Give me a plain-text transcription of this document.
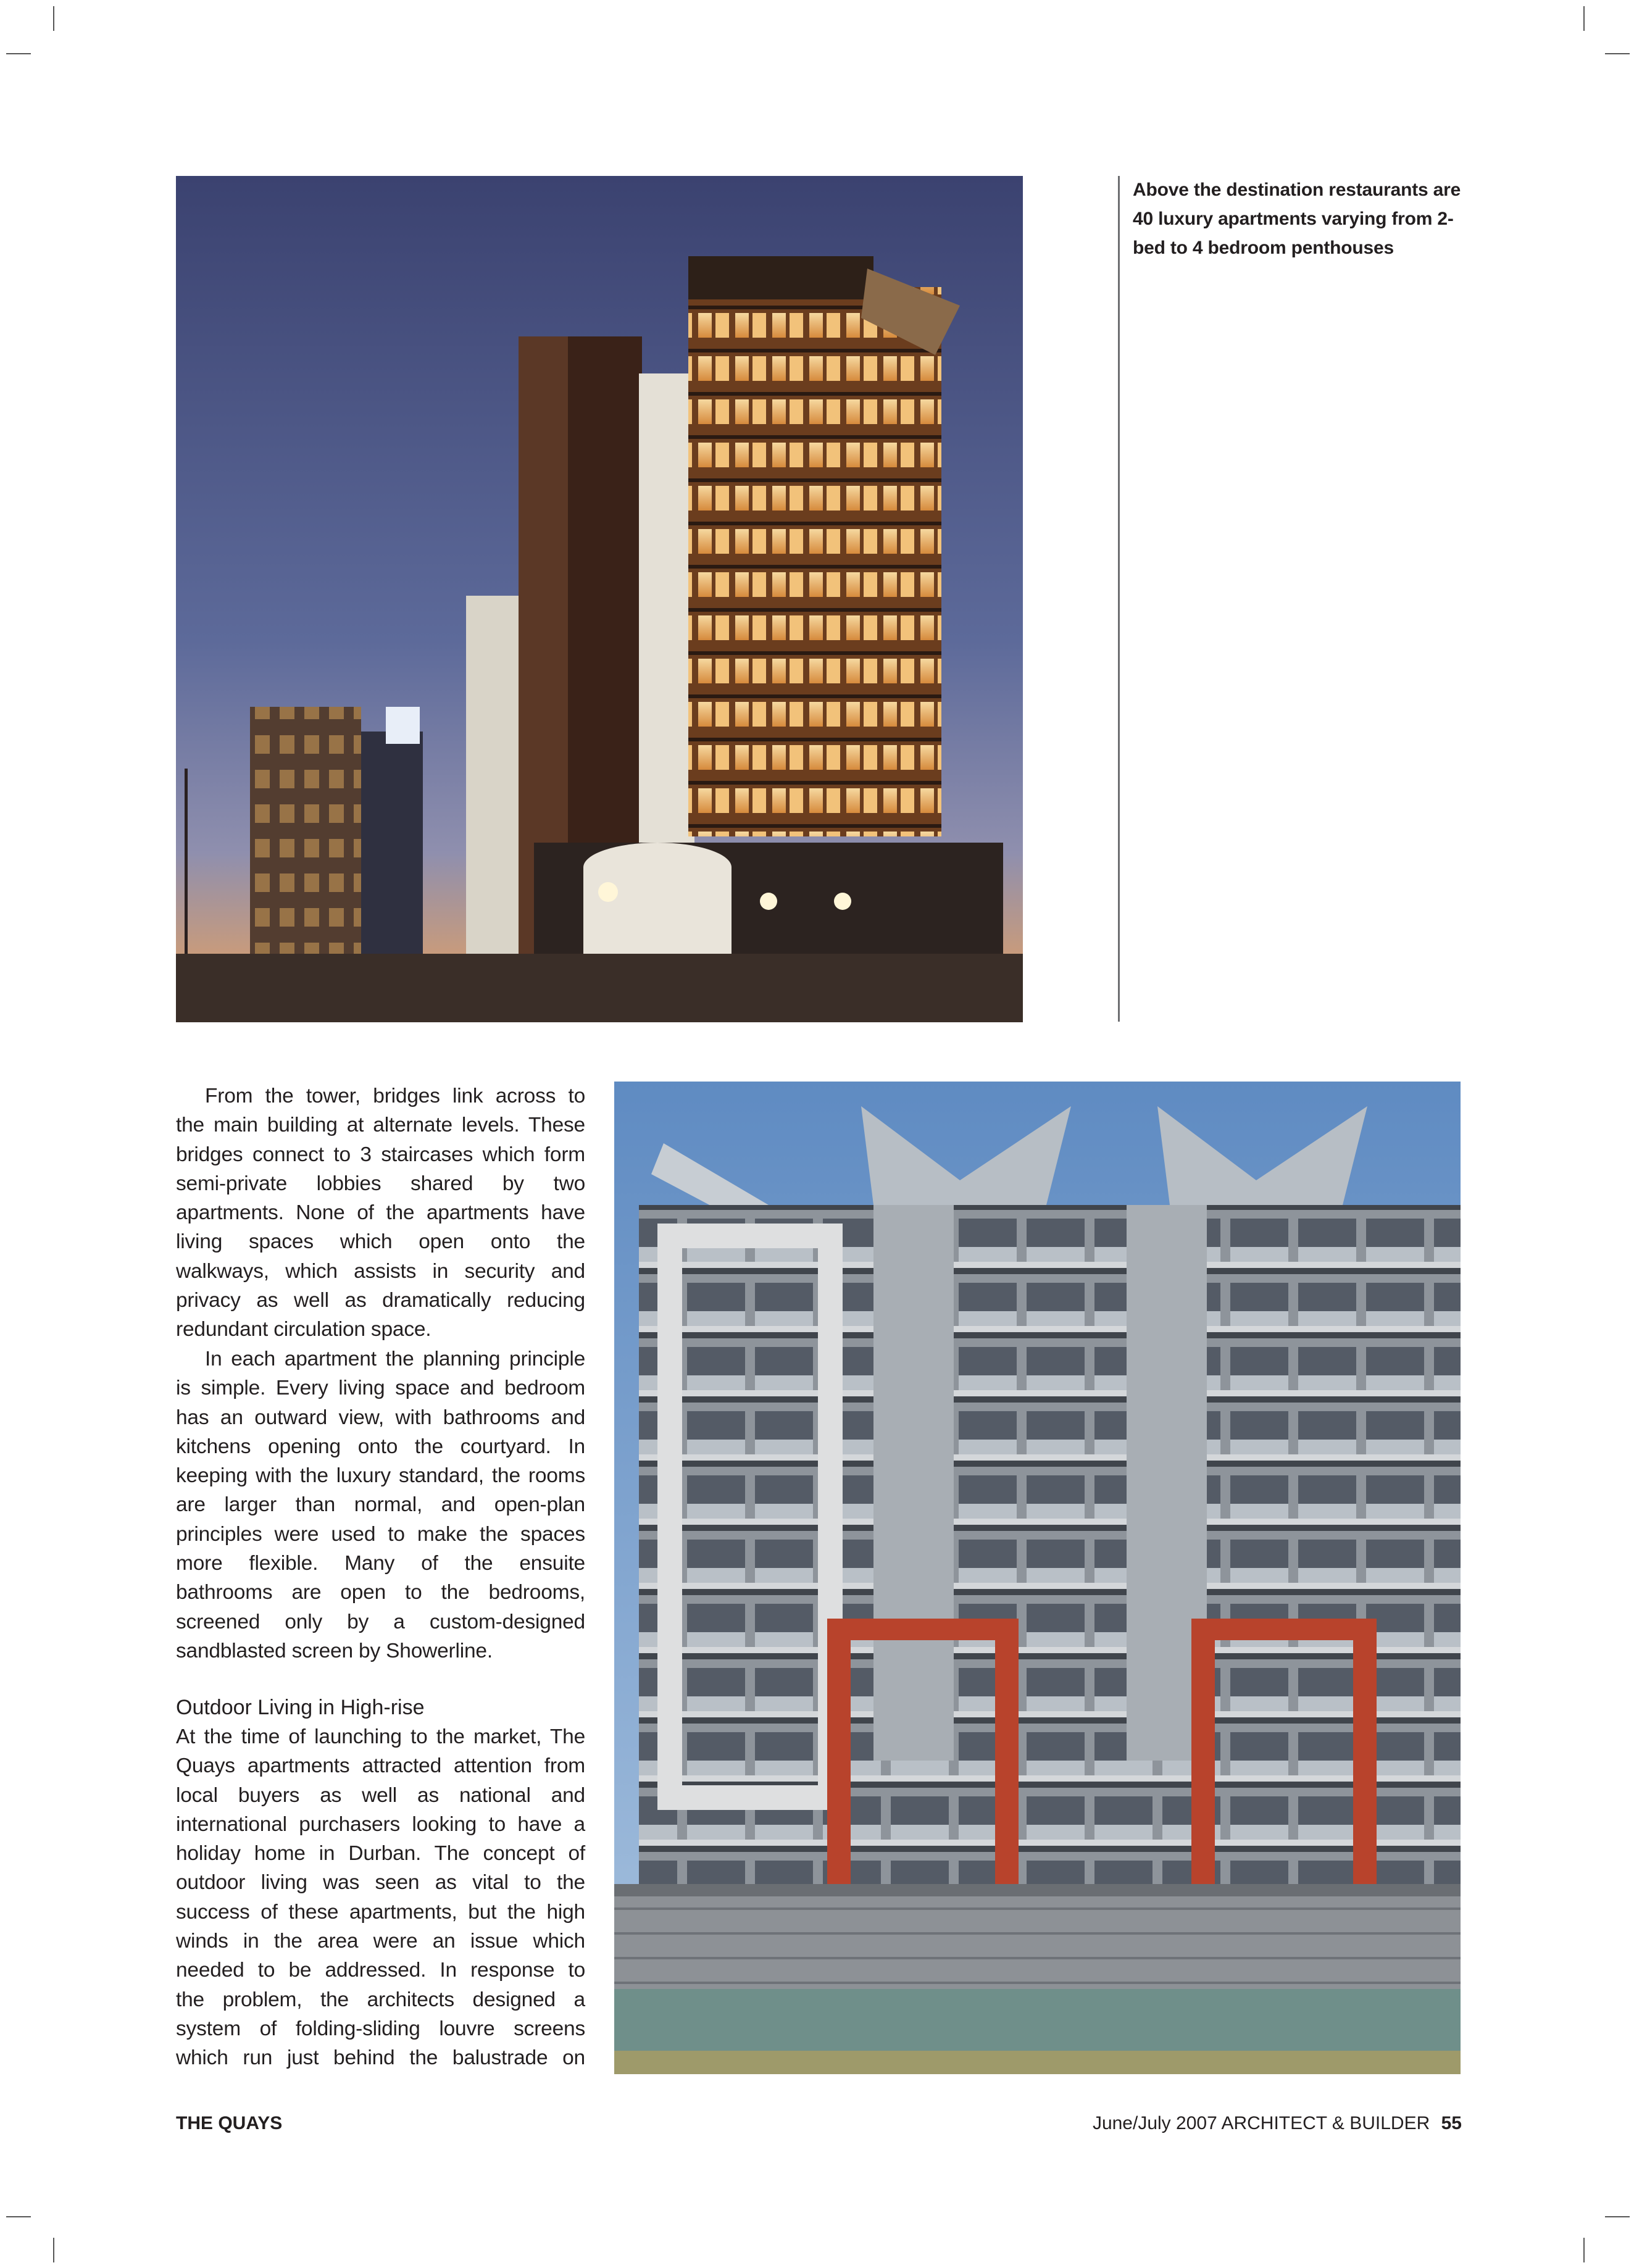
Above the destination restaurants are
40 luxury apartments varying from 2-
bed to 4 bedroom penthouses
From the tower, bridges link across to
the main building at alternate levels. These
bridges connect to 3 staircases which form
semi-private lobbies shared by two
apartments. None of the apartments have
living spaces which open onto the
walkways, which assists in security and
privacy as well as dramatically reducing
redundant circulation space.
In each apartment the planning principle
is simple. Every living space and bedroom
has an outward view, with bathrooms and
kitchens opening onto the courtyard. In
keeping with the luxury standard, the rooms
are larger than normal, and open-plan
principles were used to make the spaces
more flexible. Many of the ensuite
bathrooms are open to the bedrooms,
screened only by a custom-designed
sandblasted screen by Showerline.
Outdoor Living in High-rise
At the time of launching to the market, The
Quays apartments attracted attention from
local buyers as well as national and
international purchasers looking to have a
holiday home in Durban. The concept of
outdoor living was seen as vital to the
success of these apartments, but the high
winds in the area were an issue which
needed to be addressed. In response to
the problem, the architects designed a
system of folding-sliding louvre screens
which run just behind the balustrade on
THE QUAYS	June/July 2007 ARCHITECT & BUILDER 55
